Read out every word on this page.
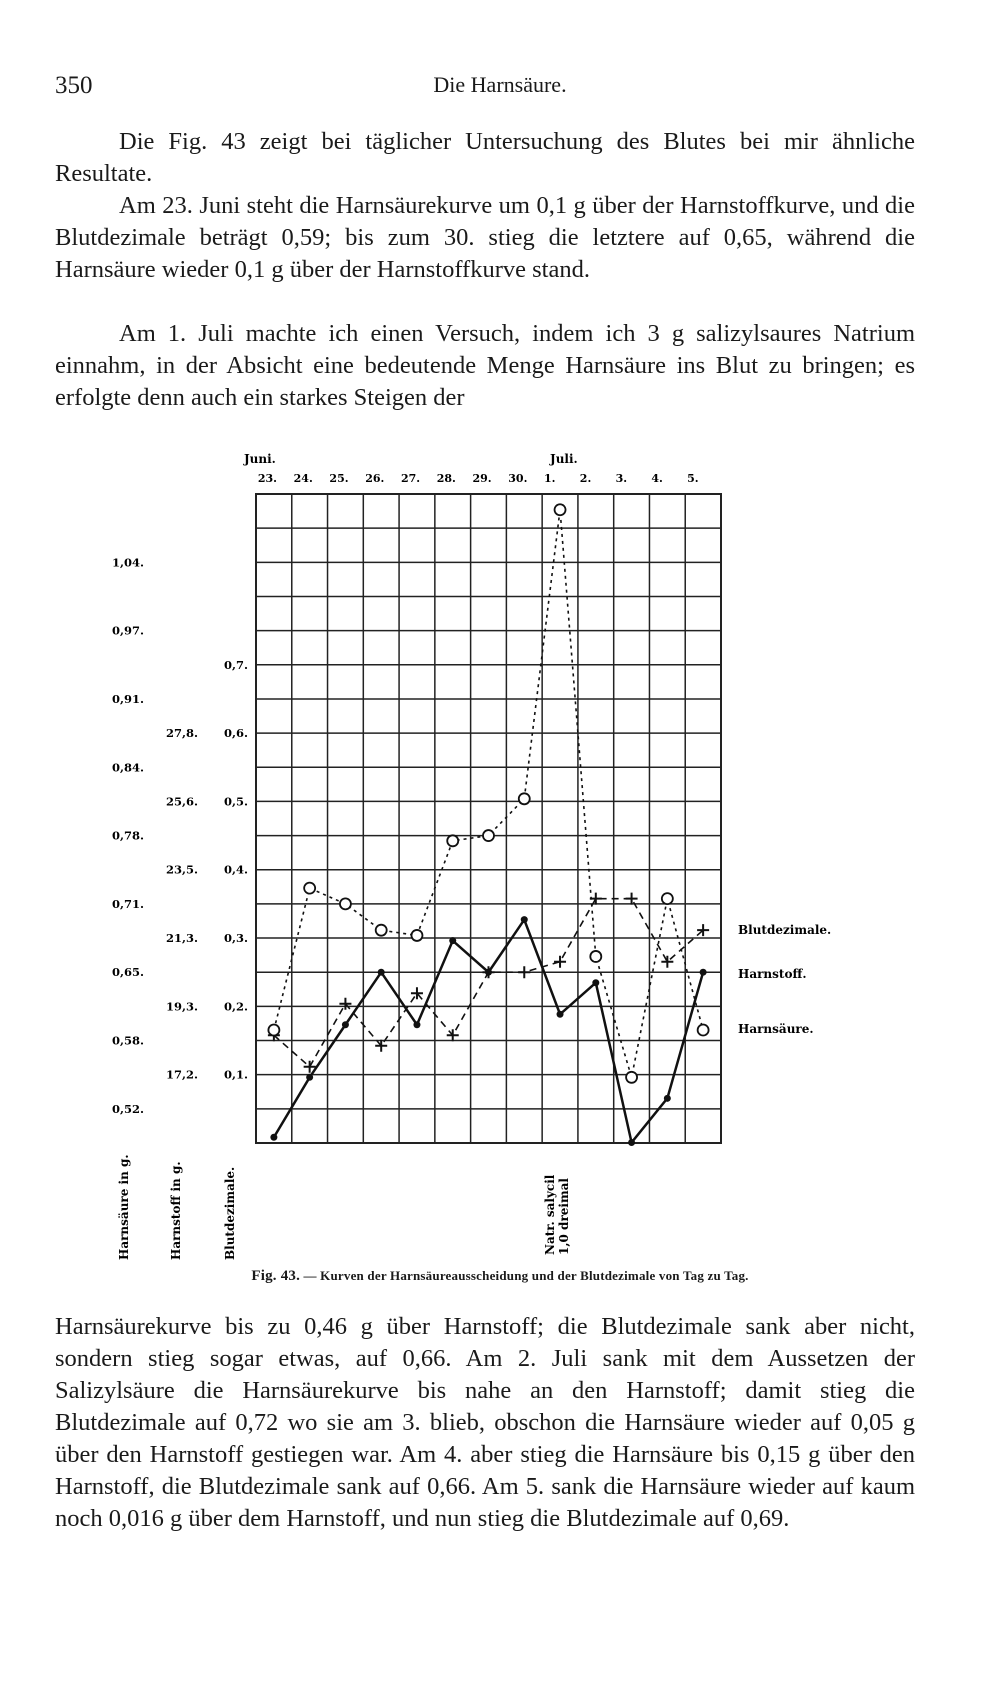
350	Die Harnsäure.

Die Fig. 43 zeigt bei täglicher Untersuchung des Blutes bei mir ähnliche Resultate.

Am 23. Juni steht die Harnsäurekurve um 0,1 g über der Harnstoffkurve, und die Blutdezimale beträgt 0,59; bis zum 30. stieg die letztere auf 0,65, während die Harnsäure wieder 0,1 g über der Harnstoffkurve stand.

Am 1. Juli machte ich einen Versuch, indem ich 3 g salizylsaures Natrium einnahm, in der Absicht eine bedeutende Menge Harnsäure ins Blut zu bringen; es erfolgte denn auch ein starkes Steigen der

Juni.	Juli.
23. 24. 25. 26. 27. 28. 29. 30. 1. 2. 3. 4. 5.
1,04.
0,97.
0,91.
0,84.
0,78.
0,71.
0,65.
0,58.
0,52.
Harnsäure in g.
27,8.
25,6.
23,5.
21,3.
19,3.
17,2.
Harnstoff in g.
0,7.
0,6.
0,5.
0,4.
0,3.
0,2.
0,1.
Blutdezimale.	Natr. salycil 1,0 dreimal
Blutdezimale.
Harnsäure.
Harnstoff.
Fig. 43. — Kurven der Harnsäureausscheidung und der Blutdezimale von Tag zu Tag.

Harnsäurekurve bis zu 0,46 g über Harnstoff; die Blutdezimale sank aber nicht, sondern stieg sogar etwas, auf 0,66. Am 2. Juli sank mit dem Aussetzen der Salizylsäure die Harnsäurekurve bis nahe an den Harnstoff; damit stieg die Blutdezimale auf 0,72 wo sie am 3. blieb, obschon die Harnsäure wieder auf 0,05 g über den Harnstoff gestiegen war. Am 4. aber stieg die Harnsäure bis 0,15 g über den Harnstoff, die Blutdezimale sank auf 0,66. Am 5. sank die Harnsäure wieder auf kaum noch 0,016 g über dem Harnstoff, und nun stieg die Blutdezimale auf 0,69.
